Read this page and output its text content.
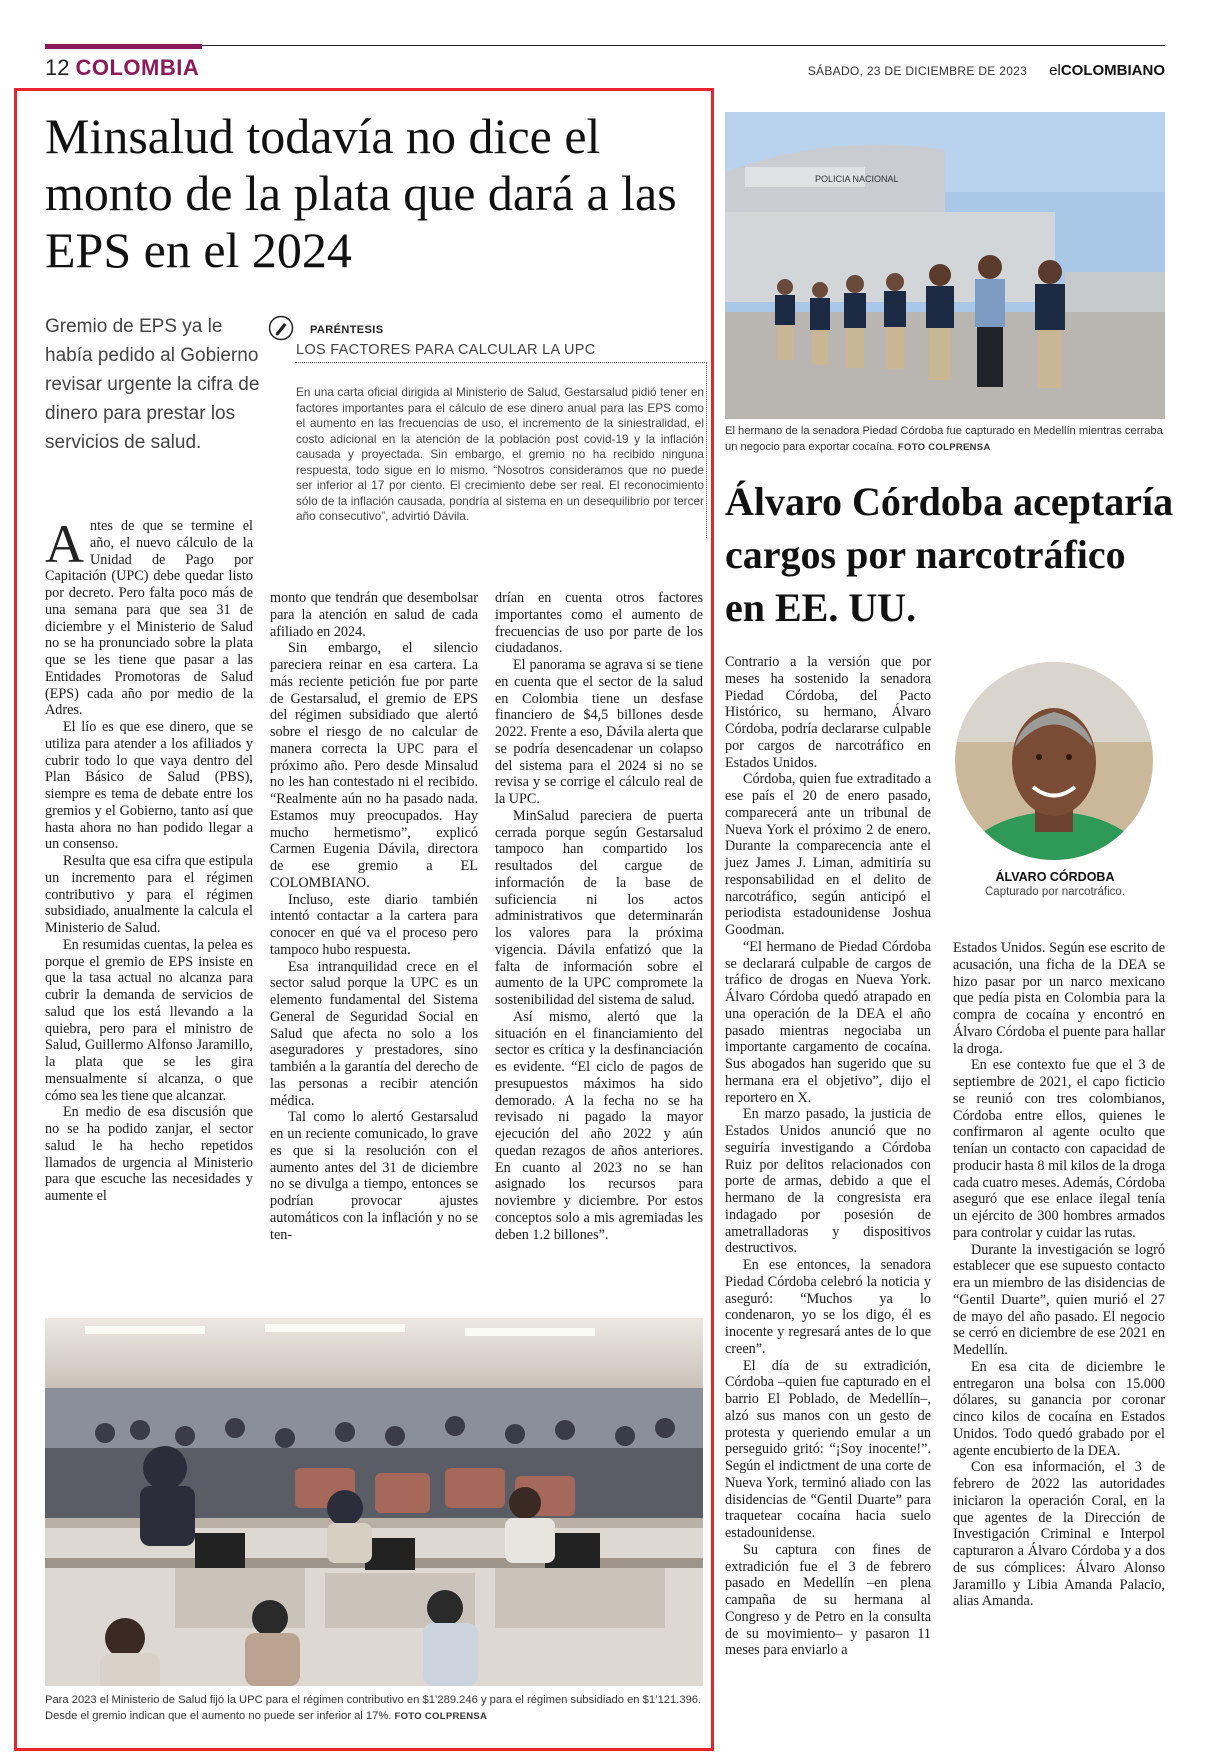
12 COLOMBIA	SÁBADO, 23 DE DICIEMBRE DE 2023 elCOLOMBIANO
Minsalud todavía no dice el monto de la plata que dará a las EPS en el 2024
Gremio de EPS ya le había pedido al Gobierno revisar urgente la cifra de dinero para prestar los servicios de salud.
PARÉNTESIS
LOS FACTORES PARA CALCULAR LA UPC
En una carta oficial dirigida al Ministerio de Salud, Gestarsalud pidió tener en factores importantes para el cálculo de ese dinero anual para las EPS como el aumento en las frecuencias de uso, el incremento de la siniestralidad, el costo adicional en la atención de la población post covid-19 y la inflación causada y proyectada. Sin embargo, el gremio no ha recibido ninguna respuesta, todo sigue en lo mismo. “Nosotros consideramos que no puede ser inferior al 17 por ciento. El crecimiento debe ser real. El reconocimiento sólo de la inflación causada, pondría al sistema en un desequilibrio por tercer año consecutivo”, advirtió Dávila.

Antes de que se termine el año, el nuevo cálculo de la Unidad de Pago por Capitación (UPC) debe quedar listo por decreto. Pero falta poco más de una semana para que sea 31 de diciembre y el Ministerio de Salud no se ha pronunciado sobre la plata que se les tiene que pasar a las Entidades Promotoras de Salud (EPS) cada año por medio de la Adres.

El lío es que ese dinero, que se utiliza para atender a los afiliados y cubrir todo lo que vaya dentro del Plan Básico de Salud (PBS), siempre es tema de debate entre los gremios y el Gobierno, tanto así que hasta ahora no han podido llegar a un consenso.

Resulta que esa cifra que estipula un incremento para el régimen contributivo y para el régimen subsidiado, anualmente la calcula el Ministerio de Salud.

En resumidas cuentas, la pelea es porque el gremio de EPS insiste en que la tasa actual no alcanza para cubrir la demanda de servicios de salud que los está llevando a la quiebra, pero para el ministro de Salud, Guillermo Alfonso Jaramillo, la plata que se les gira mensualmente sí alcanza, o que cómo sea les tiene que alcanzar.

En medio de esa discusión que no se ha podido zanjar, el sector salud le ha hecho repetidos llamados de urgencia al Ministerio para que escuche las necesidades y aumente el

monto que tendrán que desembolsar para la atención en salud de cada afiliado en 2024.

Sin embargo, el silencio pareciera reinar en esa cartera. La más reciente petición fue por parte de Gestarsalud, el gremio de EPS del régimen subsidiado que alertó sobre el riesgo de no calcular de manera correcta la UPC para el próximo año. Pero desde Minsalud no les han contestado ni el recibido. “Realmente aún no ha pasado nada. Estamos muy preocupados. Hay mucho hermetismo”, explicó Carmen Eugenia Dávila, directora de ese gremio a EL COLOMBIANO.

Incluso, este diario también intentó contactar a la cartera para conocer en qué va el proceso pero tampoco hubo respuesta.

Esa intranquilidad crece en el sector salud porque la UPC es un elemento fundamental del Sistema General de Seguridad Social en Salud que afecta no solo a los aseguradores y prestadores, sino también a la garantía del derecho de las personas a recibir atención médica.

Tal como lo alertó Gestarsalud en un reciente comunicado, lo grave es que si la resolución con el aumento antes del 31 de diciembre no se divulga a tiempo, entonces se podrían provocar ajustes automáticos con la inflación y no se ten-

drían en cuenta otros factores importantes como el aumento de frecuencias de uso por parte de los ciudadanos.

El panorama se agrava si se tiene en cuenta que el sector de la salud en Colombia tiene un desfase financiero de $4,5 billones desde 2022. Frente a eso, Dávila alerta que se podría desencadenar un colapso del sistema para el 2024 si no se revisa y se corrige el cálculo real de la UPC.

MinSalud pareciera de puerta cerrada porque según Gestarsalud tampoco han compartido los resultados del cargue de información de la base de suficiencia ni los actos administrativos que determinarán los valores para la próxima vigencia. Dávila enfatizó que la falta de información sobre el aumento de la UPC compromete la sostenibilidad del sistema de salud.

Así mismo, alertó que la situación en el financiamiento del sector es crítica y la desfinanciación es evidente. “El ciclo de pagos de presupuestos máximos ha sido demorado. A la fecha no se ha revisado ni pagado la mayor ejecución del año 2022 y aún quedan rezagos de años anteriores. En cuanto al 2023 no se han asignado los recursos para noviembre y diciembre. Por estos conceptos solo a mis agremiadas les deben 1.2 billones”.

Para 2023 el Ministerio de Salud fijó la UPC para el régimen contributivo en $1’289.246 y para el régimen subsidiado en $1’121.396. Desde el gremio indican que el aumento no puede ser inferior al 17%. FOTO COLPRENSA
POLICIA NACIONAL
El hermano de la senadora Piedad Córdoba fue capturado en Medellín mientras cerraba un negocio para exportar cocaína. FOTO COLPRENSA
Álvaro Córdoba aceptaría cargos por narcotráfico en EE. UU.
ÁLVARO CÓRDOBA
Capturado por narcotráfico.

Contrario a la versión que por meses ha sostenido la senadora Piedad Córdoba, del Pacto Histórico, su hermano, Álvaro Córdoba, podría declararse culpable por cargos de narcotráfico en Estados Unidos.

Córdoba, quien fue extraditado a ese país el 20 de enero pasado, comparecerá ante un tribunal de Nueva York el próximo 2 de enero. Durante la comparecencia ante el juez James J. Liman, admitiría su responsabilidad en el delito de narcotráfico, según anticipó el periodista estadounidense Joshua Goodman.

“El hermano de Piedad Córdoba se declarará culpable de cargos de tráfico de drogas en Nueva York. Álvaro Córdoba quedó atrapado en una operación de la DEA el año pasado mientras negociaba un importante cargamento de cocaína. Sus abogados han sugerido que su hermana era el objetivo”, dijo el reportero en X.

En marzo pasado, la justicia de Estados Unidos anunció que no seguiría investigando a Córdoba Ruiz por delitos relacionados con porte de armas, debido a que el hermano de la congresista era indagado por posesión de ametralladoras y dispositivos destructivos.

En ese entonces, la senadora Piedad Córdoba celebró la noticia y aseguró: “Muchos ya lo condenaron, yo se los digo, él es inocente y regresará antes de lo que creen”.

El día de su extradición, Córdoba –quien fue capturado en el barrio El Poblado, de Medellín–, alzó sus manos con un gesto de protesta y queriendo emular a un perseguido gritó: “¡Soy inocente!”. Según el indictment de una corte de Nueva York, terminó aliado con las disidencias de “Gentil Duarte” para traquetear cocaína hacia suelo estadounidense.

Su captura con fines de extradición fue el 3 de febrero pasado en Medellín –en plena campaña de su hermana al Congreso y de Petro en la consulta de su movimiento– y pasaron 11 meses para enviarlo a

Estados Unidos. Según ese escrito de acusación, una ficha de la DEA se hizo pasar por un narco mexicano que pedía pista en Colombia para la compra de cocaína y encontró en Álvaro Córdoba el puente para hallar la droga.

En ese contexto fue que el 3 de septiembre de 2021, el capo ficticio se reunió con tres colombianos, Córdoba entre ellos, quienes le confirmaron al agente oculto que tenían un contacto con capacidad de producir hasta 8 mil kilos de la droga cada cuatro meses. Además, Córdoba aseguró que ese enlace ilegal tenía un ejército de 300 hombres armados para controlar y cuidar las rutas.

Durante la investigación se logró establecer que ese supuesto contacto era un miembro de las disidencias de “Gentil Duarte”, quien murió el 27 de mayo del año pasado. El negocio se cerró en diciembre de ese 2021 en Medellín.

En esa cita de diciembre le entregaron una bolsa con 15.000 dólares, su ganancia por coronar cinco kilos de cocaína en Estados Unidos. Todo quedó grabado por el agente encubierto de la DEA.

Con esa información, el 3 de febrero de 2022 las autoridades iniciaron la operación Coral, en la que agentes de la Dirección de Investigación Criminal e Interpol capturaron a Álvaro Córdoba y a dos de sus cómplices: Álvaro Alonso Jaramillo y Libia Amanda Palacio, alias Amanda.
